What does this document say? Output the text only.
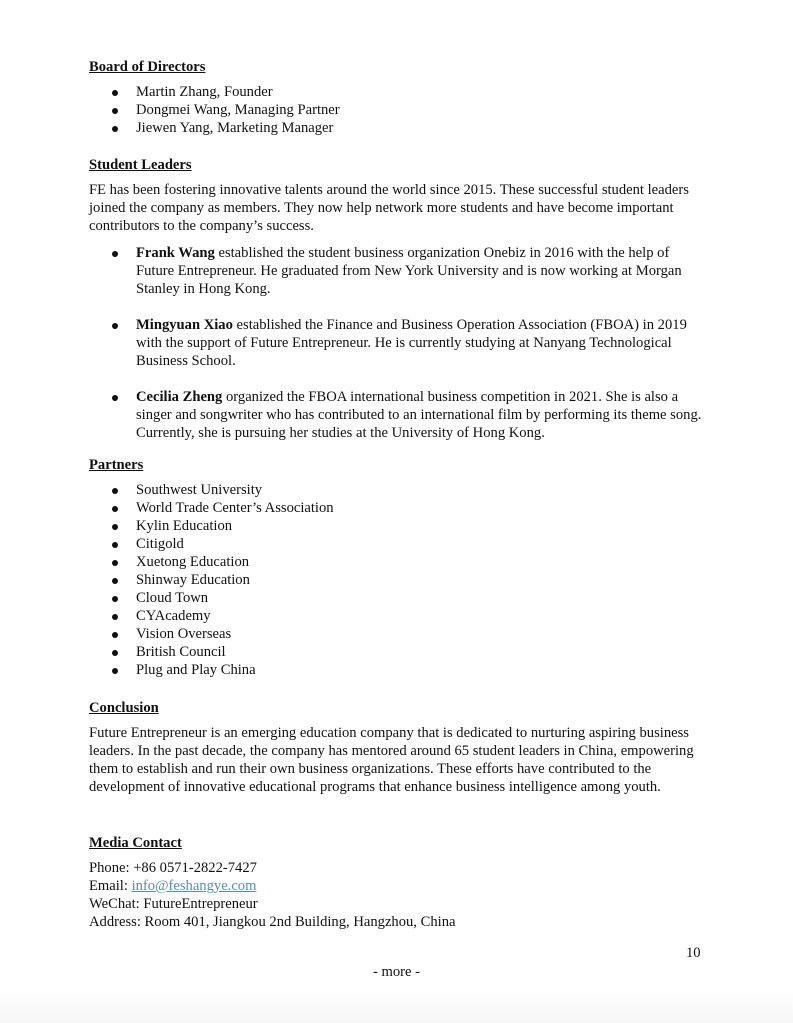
Board of Directors
Martin Zhang, Founder
Dongmei Wang, Managing Partner
Jiewen Yang, Marketing Manager
Student Leaders

FE has been fostering innovative talents around the world since 2015. These successful student leaders joined the company as members. They now help network more students and have become important contributors to the company’s success.

Frank Wang established the student business organization Onebiz in 2016 with the help of Future Entrepreneur. He graduated from New York University and is now working at Morgan Stanley in Hong Kong.
Mingyuan Xiao established the Finance and Business Operation Association (FBOA) in 2019 with the support of Future Entrepreneur. He is currently studying at Nanyang Technological Business School.
Cecilia Zheng organized the FBOA international business competition in 2021. She is also a singer and songwriter who has contributed to an international film by performing its theme song. Currently, she is pursuing her studies at the University of Hong Kong.
Partners
Southwest University
World Trade Center’s Association
Kylin Education
Citigold
Xuetong Education
Shinway Education
Cloud Town
CYAcademy
Vision Overseas
British Council
Plug and Play China
Conclusion

Future Entrepreneur is an emerging education company that is dedicated to nurturing aspiring business leaders. In the past decade, the company has mentored around 65 student leaders in China, empowering them to establish and run their own business organizations. These efforts have contributed to the development of innovative educational programs that enhance business intelligence among youth.

Media Contact
Phone: +86 0571-2822-7427
Email: info@feshangye.com
WeChat: FutureEntrepreneur
Address: Room 401, Jiangkou 2nd Building, Hangzhou, China
10
- more -
